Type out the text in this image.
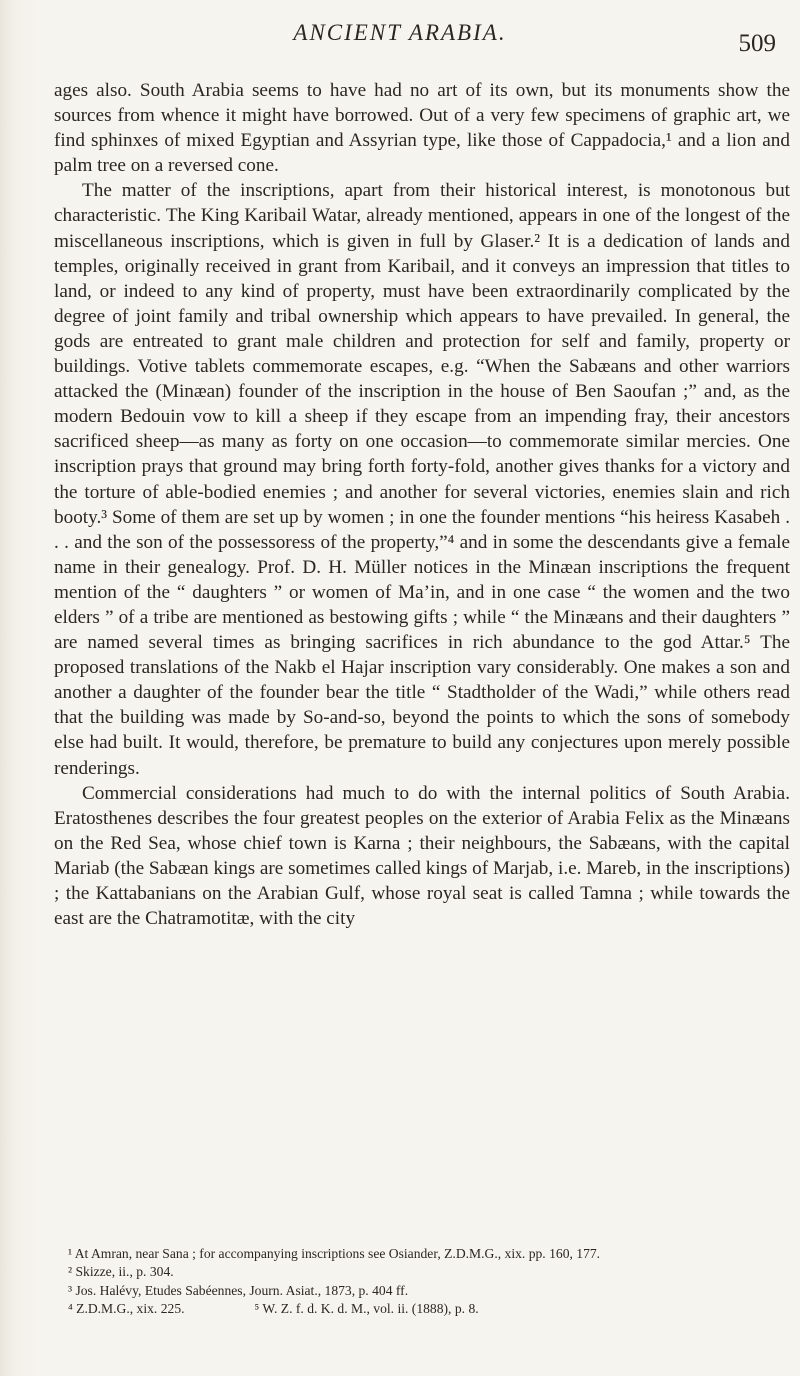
ANCIENT ARABIA.	509

ages also. South Arabia seems to have had no art of its own, but its monuments show the sources from whence it might have borrowed. Out of a very few specimens of graphic art, we find sphinxes of mixed Egyptian and Assyrian type, like those of Cappadocia,¹ and a lion and palm tree on a reversed cone.

The matter of the inscriptions, apart from their historical interest, is monotonous but characteristic. The King Karibail Watar, already mentioned, appears in one of the longest of the miscellaneous inscriptions, which is given in full by Glaser.² It is a dedication of lands and temples, originally received in grant from Karibail, and it conveys an impression that titles to land, or indeed to any kind of property, must have been extraordinarily complicated by the degree of joint family and tribal ownership which appears to have prevailed. In general, the gods are entreated to grant male children and protection for self and family, property or buildings. Votive tablets commemorate escapes, e.g. “When the Sabæans and other warriors attacked the (Minæan) founder of the inscription in the house of Ben Saoufan ;” and, as the modern Bedouin vow to kill a sheep if they escape from an impending fray, their ancestors sacrificed sheep—as many as forty on one occasion—to commemorate similar mercies. One inscription prays that ground may bring forth forty-fold, another gives thanks for a victory and the torture of able-bodied enemies ; and another for several victories, enemies slain and rich booty.³ Some of them are set up by women ; in one the founder mentions “his heiress Kasabeh . . . and the son of the possessoress of the property,”⁴ and in some the descendants give a female name in their genealogy. Prof. D. H. Müller notices in the Minæan inscriptions the frequent mention of the “ daughters ” or women of Ma’in, and in one case “ the women and the two elders ” of a tribe are mentioned as bestowing gifts ; while “ the Minæans and their daughters ” are named several times as bringing sacrifices in rich abundance to the god Attar.⁵ The proposed translations of the Nakb el Hajar inscription vary considerably. One makes a son and another a daughter of the founder bear the title “ Stadtholder of the Wadi,” while others read that the building was made by So-and-so, beyond the points to which the sons of somebody else had built. It would, therefore, be premature to build any conjectures upon merely possible renderings.

Commercial considerations had much to do with the internal politics of South Arabia. Eratosthenes describes the four greatest peoples on the exterior of Arabia Felix as the Minæans on the Red Sea, whose chief town is Karna ; their neighbours, the Sabæans, with the capital Mariab (the Sabæan kings are sometimes called kings of Marjab, i.e. Mareb, in the inscriptions) ; the Kattabanians on the Arabian Gulf, whose royal seat is called Tamna ; while towards the east are the Chatramotitæ, with the city

¹ At Amran, near Sana ; for accompanying inscriptions see Osiander, Z.D.M.G., xix. pp. 160, 177.

² Skizze, ii., p. 304.

³ Jos. Halévy, Etudes Sabéennes, Journ. Asiat., 1873, p. 404 ff.

⁴ Z.D.M.G., xix. 225.	⁵ W. Z. f. d. K. d. M., vol. ii. (1888), p. 8.
